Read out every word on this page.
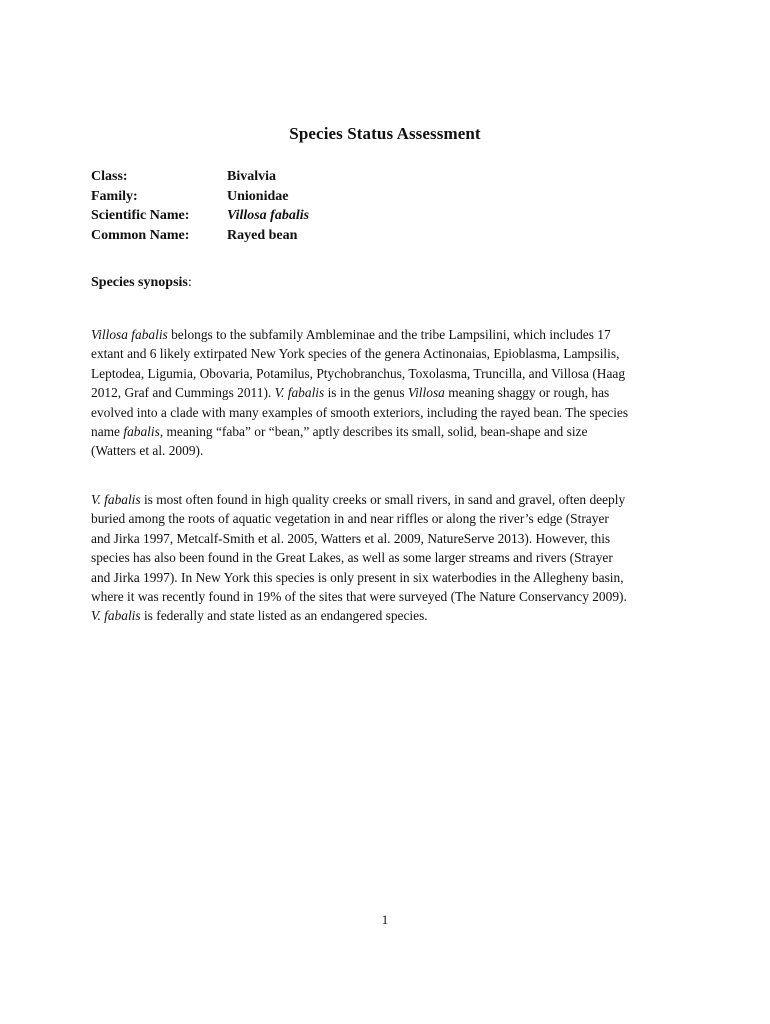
Species Status Assessment
Class:	Bivalvia
Family:	Unionidae
Scientific Name:	Villosa fabalis
Common Name:	Rayed bean
Species synopsis:
Villosa fabalis belongs to the subfamily Ambleminae and the tribe Lampsilini, which includes 17
extant and 6 likely extirpated New York species of the genera Actinonaias, Epioblasma, Lampsilis,
Leptodea, Ligumia, Obovaria, Potamilus, Ptychobranchus, Toxolasma, Truncilla, and Villosa (Haag
2012, Graf and Cummings 2011). V. fabalis is in the genus Villosa meaning shaggy or rough, has
evolved into a clade with many examples of smooth exteriors, including the rayed bean. The species
name fabalis, meaning “faba” or “bean,” aptly describes its small, solid, bean-shape and size
(Watters et al. 2009).
V. fabalis is most often found in high quality creeks or small rivers, in sand and gravel, often deeply
buried among the roots of aquatic vegetation in and near riffles or along the river’s edge (Strayer
and Jirka 1997, Metcalf-Smith et al. 2005, Watters et al. 2009, NatureServe 2013). However, this
species has also been found in the Great Lakes, as well as some larger streams and rivers (Strayer
and Jirka 1997). In New York this species is only present in six waterbodies in the Allegheny basin,
where it was recently found in 19% of the sites that were surveyed (The Nature Conservancy 2009).
V. fabalis is federally and state listed as an endangered species.
1
